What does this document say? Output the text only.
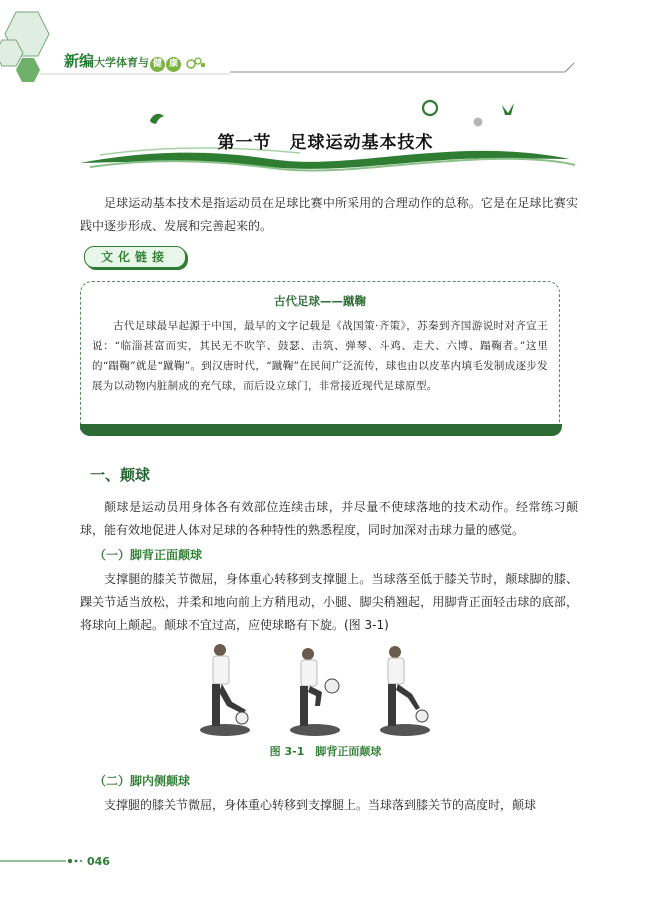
新编大学体育与 健 康
第一节　足球运动基本技术
足球运动基本技术是指运动员在足球比赛中所采用的合理动作的总称。它是在足球比赛实践中逐步形成、发展和完善起来的。
文化链接
古代足球——蹴鞠
古代足球最早起源于中国，最早的文字记载是《战国策·齐策》，苏秦到齐国游说时对齐宣王说：“临淄甚富而实，其民无不吹竽、鼓瑟、击筑、弹琴、斗鸡、走犬、六博、蹋鞠者。”这里的“蹋鞠”就是“蹴鞠”。到汉唐时代，“蹴鞠”在民间广泛流传，球也由以皮革内填毛发制成逐步发展为以动物内脏制成的充气球，而后设立球门，非常接近现代足球原型。
一、颠球
颠球是运动员用身体各有效部位连续击球，并尽量不使球落地的技术动作。经常练习颠球，能有效地促进人体对足球的各种特性的熟悉程度，同时加深对击球力量的感觉。
（一）脚背正面颠球
支撑腿的膝关节微屈，身体重心转移到支撑腿上。当球落至低于膝关节时，颠球脚的膝、踝关节适当放松，并柔和地向前上方稍甩动，小腿、脚尖稍翘起，用脚背正面轻击球的底部，将球向上颠起。颠球不宜过高，应使球略有下旋。(图 3-1)
图 3-1　脚背正面颠球
（二）脚内侧颠球
支撑腿的膝关节微屈，身体重心转移到支撑腿上。当球落到膝关节的高度时，颠球
046
